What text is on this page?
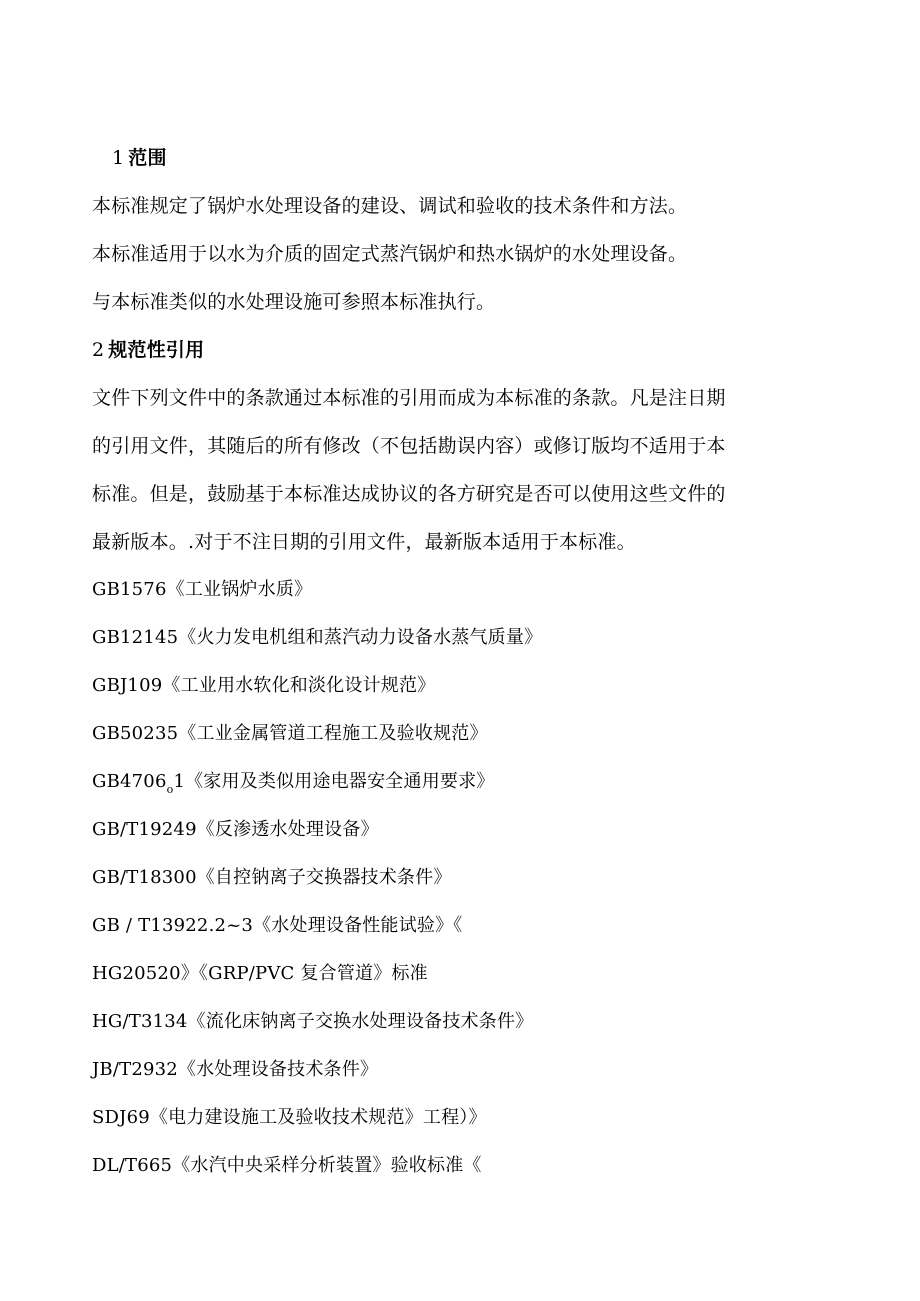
1 范围
本标准规定了锅炉水处理设备的建设、调试和验收的技术条件和方法。
本标准适用于以水为介质的固定式蒸汽锅炉和热水锅炉的水处理设备。
与本标准类似的水处理设施可参照本标准执行。
2 规范性引用
文件下列文件中的条款通过本标准的引用而成为本标准的条款。凡是注日期
的引用文件，其随后的所有修改（不包括勘误内容）或修订版均不适用于本
标准。但是，鼓励基于本标准达成协议的各方研究是否可以使用这些文件的
最新版本。.对于不注日期的引用文件，最新版本适用于本标准。
GB1576《工业锅炉水质》
GB12145《火力发电机组和蒸汽动力设备水蒸气质量》
GBJ109《工业用水软化和淡化设计规范》
GB50235《工业金属管道工程施工及验收规范》
$GB4706_o1$《家用及类似用途电器安全通用要求》
GB/T19249《反渗透水处理设备》
GB/T18300《自控钠离子交换器技术条件》
GB / T13922.2~3《水处理设备性能试验》《
HG20520》《GRP/PVC 复合管道》标准
HG/T3134《流化床钠离子交换水处理设备技术条件》
JB/T2932《水处理设备技术条件》
SDJ69《电力建设施工及验收技术规范》工程）》
DL/T665《水汽中央采样分析装置》验收标准《
